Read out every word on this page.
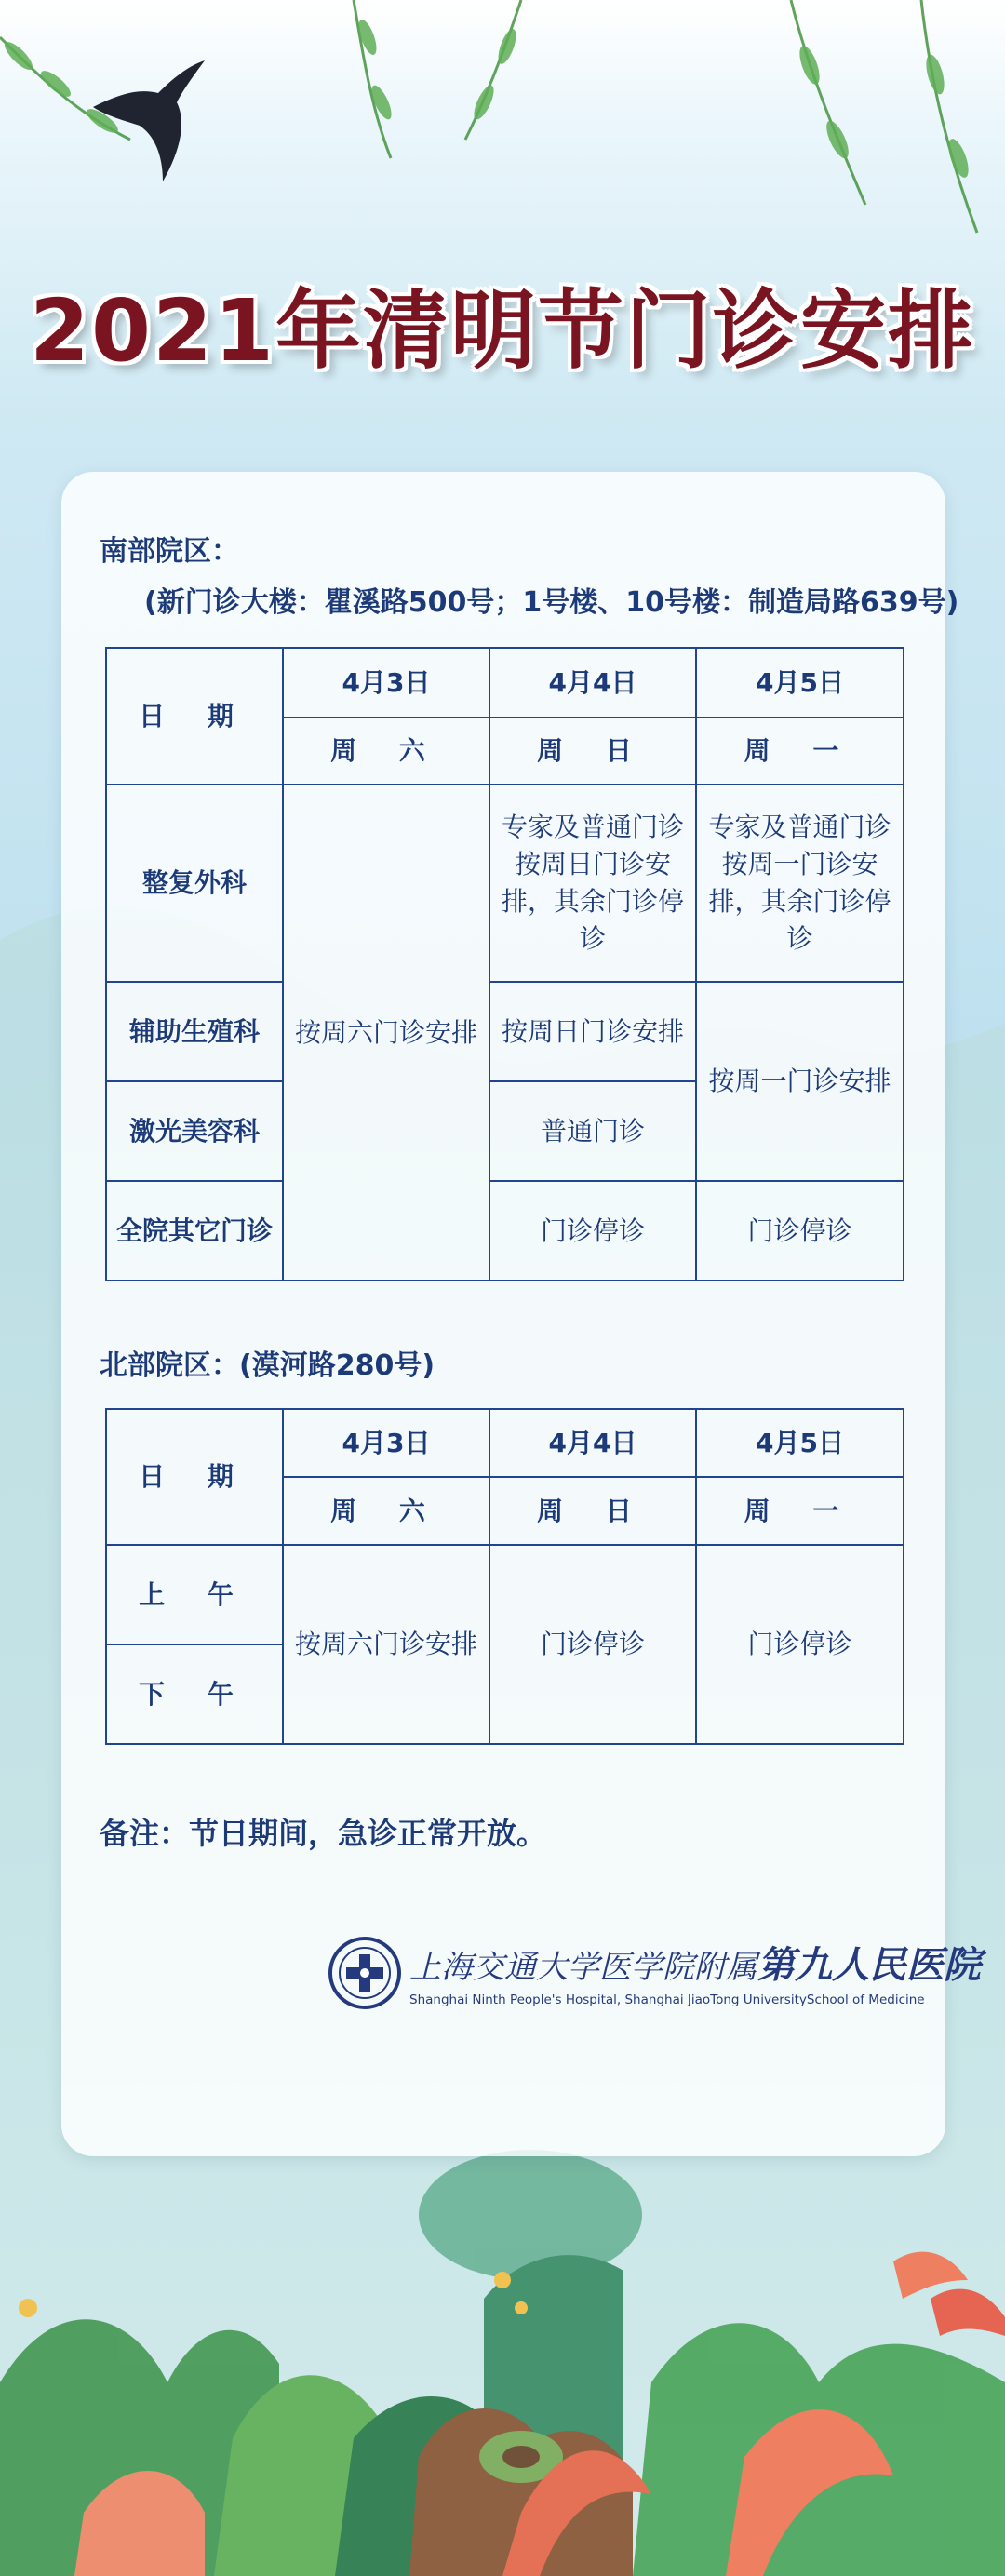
2021年清明节门诊安排
南部院区：
(新门诊大楼：瞿溪路500号；1号楼、10号楼：制造局路639号)
日 期	4月3日	4月4日	4月5日
	周 六	周 日	周 一
整复外科	按周六门诊安排	专家及普通门诊按周日门诊安排，其余门诊停诊	专家及普通门诊按周一门诊安排，其余门诊停诊
辅助生殖科		按周日门诊安排	按周一门诊安排
激光美容科		普通门诊	
全院其它门诊		门诊停诊	门诊停诊
北部院区：(漠河路280号)
日 期	4月3日	4月4日	4月5日
	周 六	周 日	周 一
上 午	按周六门诊安排	门诊停诊	门诊停诊
下 午			
备注：节日期间，急诊正常开放。
上海交通大学医学院附属第九人民医院
Shanghai Ninth People's Hospital, Shanghai JiaoTong UniversitySchool of Medicine
